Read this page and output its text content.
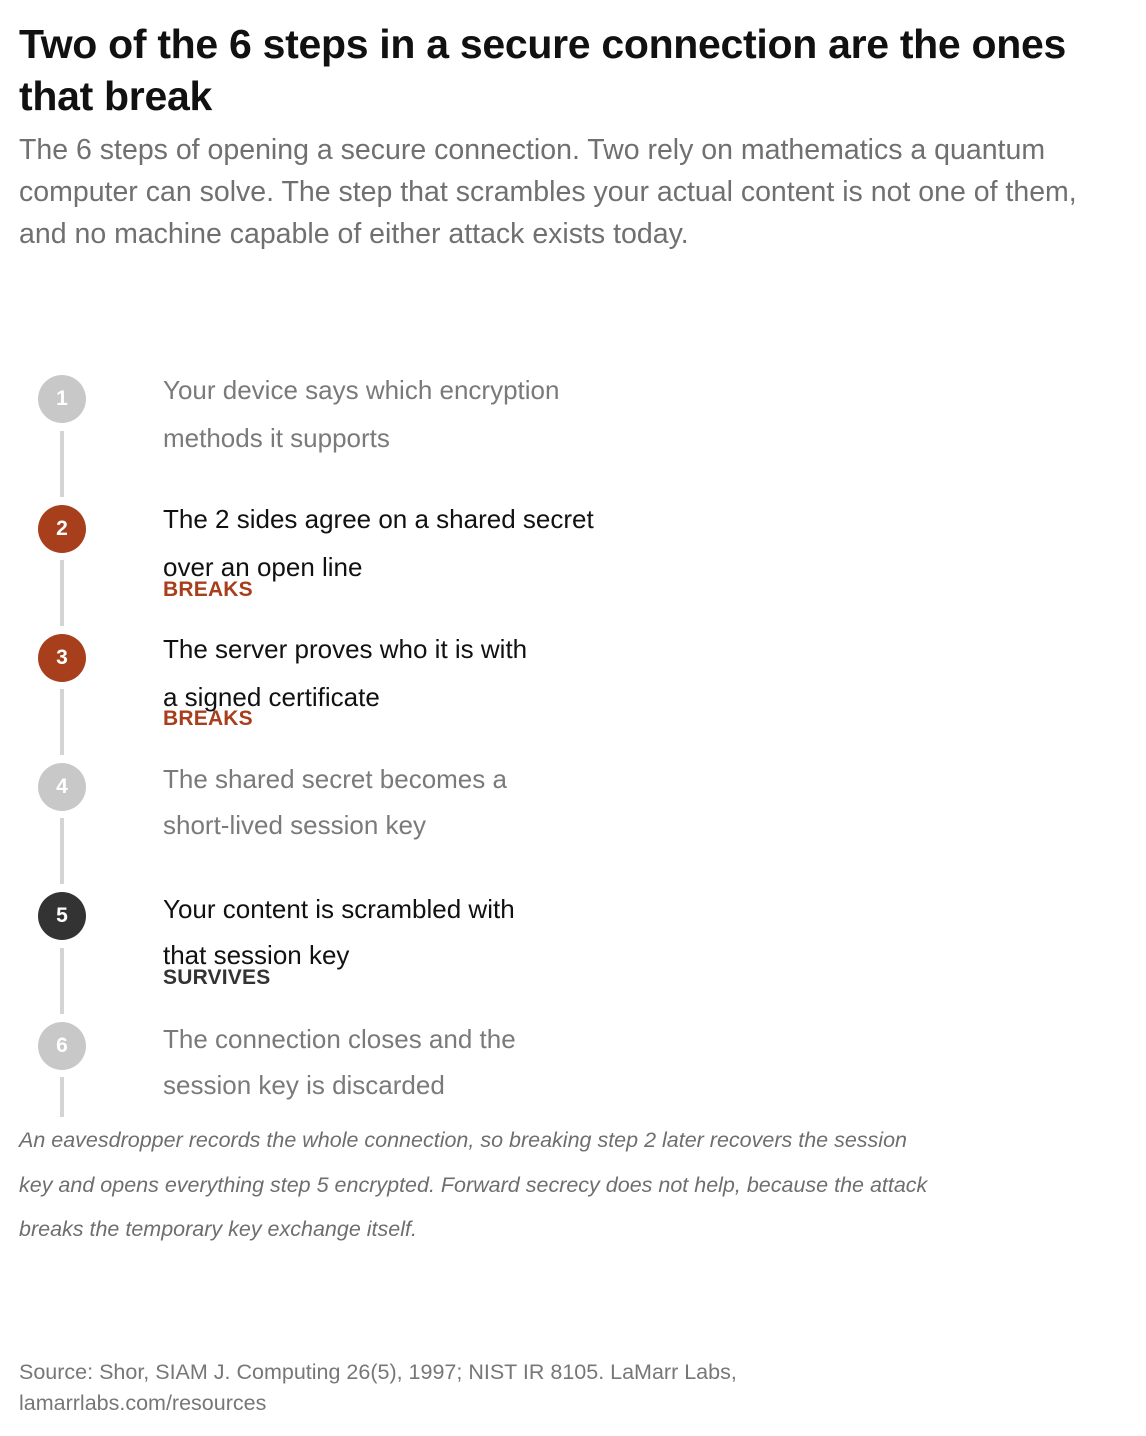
Two of the 6 steps in a secure connection are the ones that break

The 6 steps of opening a secure connection. Two rely on mathematics a quantum computer can solve. The step that scrambles your actual content is not one of them, and no machine capable of either attack exists today.

1	Your device says which encryption
methods it supports
2	The 2 sides agree on a shared secret
over an open line
BREAKS
3	The server proves who it is with
a signed certificate
BREAKS
4	The shared secret becomes a
short-lived session key
5	Your content is scrambled with
that session key
SURVIVES
6	The connection closes and the
session key is discarded

An eavesdropper records the whole connection, so breaking step 2 later recovers the session key and opens everything step 5 encrypted. Forward secrecy does not help, because the attack breaks the temporary key exchange itself.

Source: Shor, SIAM J. Computing 26(5), 1997; NIST IR 8105. LaMarr Labs, lamarrlabs.com/resources
